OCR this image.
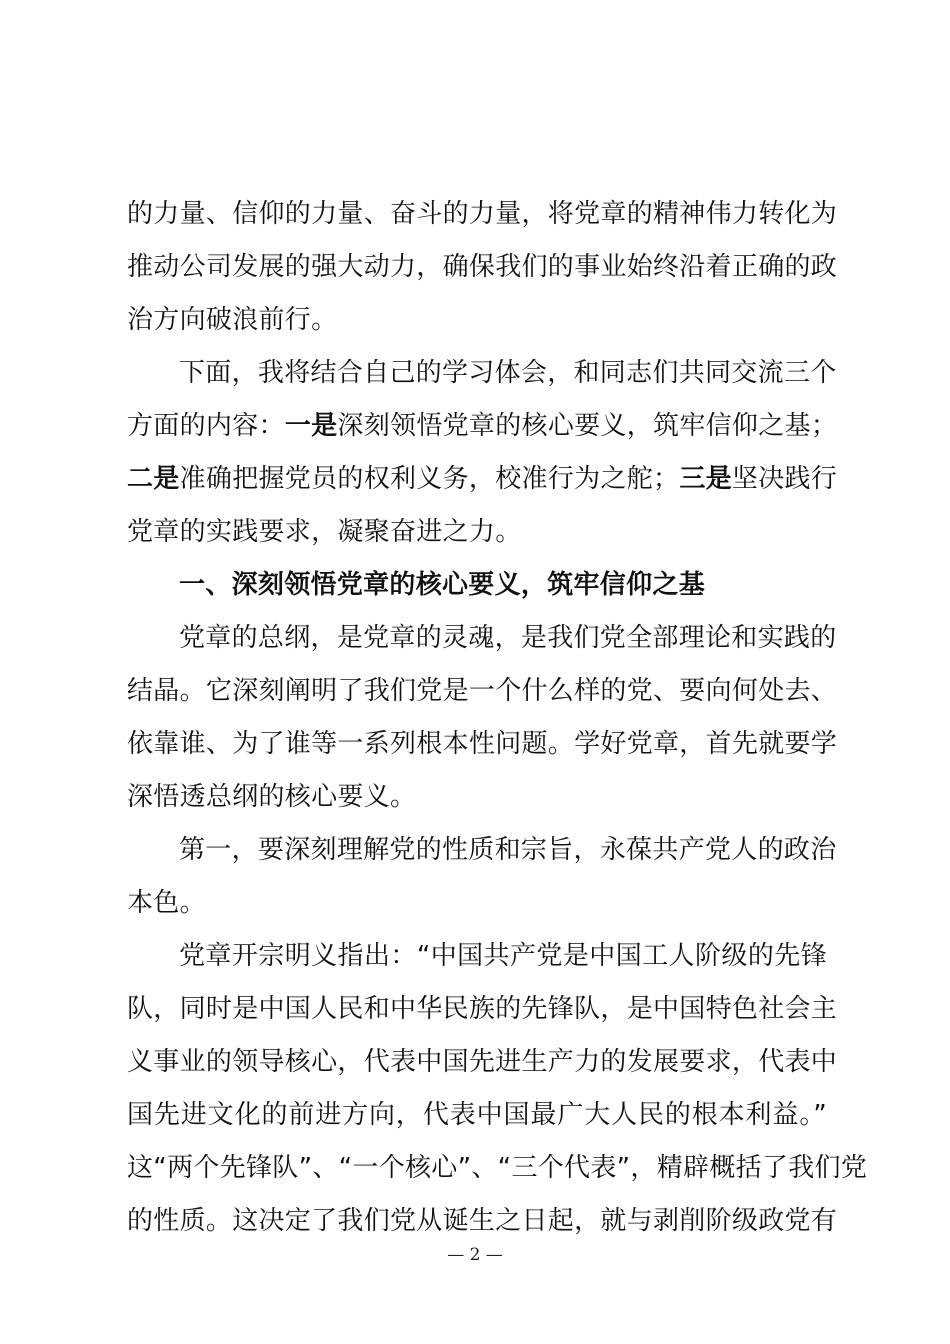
的力量、信仰的力量、奋斗的力量，将党章的精神伟力转化为
推动公司发展的强大动力，确保我们的事业始终沿着正确的政
治方向破浪前行。
下面，我将结合自己的学习体会，和同志们共同交流三个
方面的内容：一是深刻领悟党章的核心要义，筑牢信仰之基；
二是准确把握党员的权利义务，校准行为之舵；三是坚决践行
党章的实践要求，凝聚奋进之力。
一、深刻领悟党章的核心要义，筑牢信仰之基
党章的总纲，是党章的灵魂，是我们党全部理论和实践的
结晶。它深刻阐明了我们党是一个什么样的党、要向何处去、
依靠谁、为了谁等一系列根本性问题。学好党章，首先就要学
深悟透总纲的核心要义。
第一，要深刻理解党的性质和宗旨，永葆共产党人的政治
本色。
党章开宗明义指出：“中国共产党是中国工人阶级的先锋
队，同时是中国人民和中华民族的先锋队，是中国特色社会主
义事业的领导核心，代表中国先进生产力的发展要求，代表中
国先进文化的前进方向，代表中国最广大人民的根本利益。”
这“两个先锋队”、“一个核心”、“三个代表”，精辟概括了我们党
的性质。这决定了我们党从诞生之日起，就与剥削阶级政党有
— 2 —
